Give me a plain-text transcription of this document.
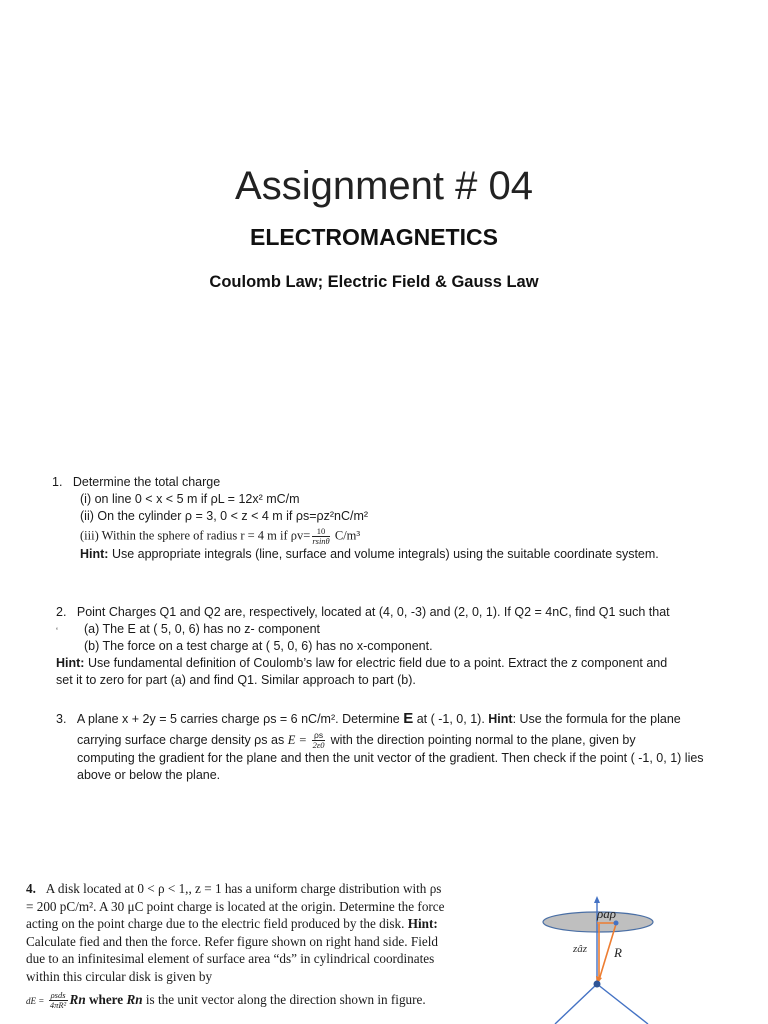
Assignment # 04
ELECTROMAGNETICS
Coulomb Law; Electric Field & Gauss Law
1. Determine the total charge
(i) on line 0 < x < 5 m if ρL = 12x² mC/m
(ii) On the cylinder ρ = 3, 0 < z < 4 m if ρs=ρz²nC/m²
(iii) Within the sphere of radius r = 4 m if $\rho v= \frac{10}{rsin\theta} C/m^3$
Hint: Use appropriate integrals (line, surface and volume integrals) using the suitable coordinate system.
2. Point Charges Q1 and Q2 are, respectively, located at (4, 0, -3) and (2, 0, 1). If Q2 = 4nC, find Q1 such that
‘ (a) The E at ( 5, 0, 6) has no z- component
(b) The force on a test charge at ( 5, 0, 6) has no x-component.
Hint: Use fundamental definition of Coulomb’s law for electric field due to a point. Extract the z component and
set it to zero for part (a) and find Q1. Similar approach to part (b).
3. A plane x + 2y = 5 carries charge ρs = 6 nC/m². Determine E at ( -1, 0, 1). Hint: Use the formula for the plane
carrying surface charge density ρs as $E = \frac{\rho s}{2\varepsilon 0}$ with the direction pointing normal to the plane, given by
computing the gradient for the plane and then the unit vector of the gradient. Then check if the point ( -1, 0, 1) lies
above or below the plane.
4. A disk located at 0 < ρ < 1,, z = 1 has a uniform charge distribution with ρs
= 200 pC/m². A 30 μC point charge is located at the origin. Determine the force
acting on the point charge due to the electric field produced by the disk. Hint:
Calculate fied and then the force. Refer figure shown on right hand side. Field
due to an infinitesimal element of surface area “ds” in cylindrical coordinates
within this circular disk is given by
dE = $\frac{\text{ρsds}}{\text{4πR²}}$ Rn where Rn is the unit vector along the direction shown in figure.
ρaρ
zâz R
